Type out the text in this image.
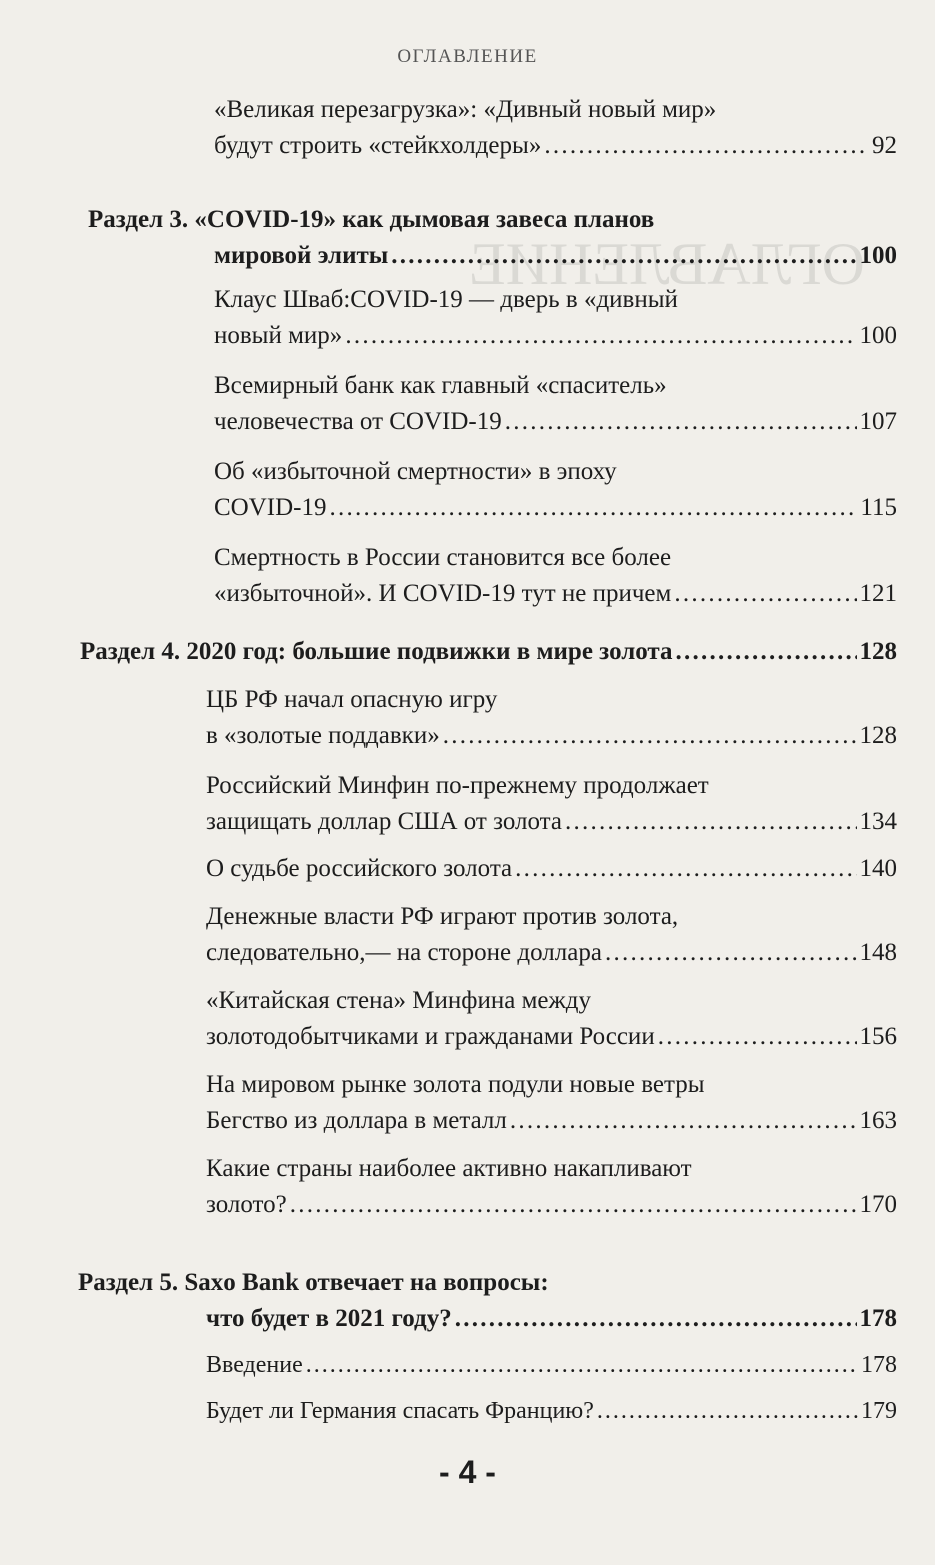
ОГЛАВЛЕНИЕ
ОГЛАВЛЕНИЕ
«Великая перезагрузка»: «Дивный новый мир»
будут строить «стейкхолдеры» . . .	92
Раздел 3. «COVID-19» как дымовая завеса планов
мировой элиты . . .	100
Клаус Шваб:COVID-19 — дверь в «дивный
новый мир» . . .	100
Всемирный банк как главный «спаситель»
человечества от COVID-19 . . .	107
Об «избыточной смертности» в эпоху
COVID-19 . . .	115
Смертность в России становится все более
«избыточной». И COVID-19 тут не причем . . .	121
Раздел 4. 2020 год: большие подвижки в мире золота . . .	128
ЦБ РФ начал опасную игру
в «золотые поддавки» . . .	128
Российский Минфин по-прежнему продолжает
защищать доллар США от золота . . .	134
О судьбе российского золота . . .	140
Денежные власти РФ играют против золота,
следовательно,— на стороне доллара . . .	148
«Китайская стена» Минфина между
золотодобытчиками и гражданами России . . .	156
На мировом рынке золота подули новые ветры
Бегство из доллара в металл . . .	163
Какие страны наиболее активно накапливают
золото? . . .	170
Раздел 5. Saxo Bank отвечает на вопросы:
что будет в 2021 году? . . .	178
Введение . . .	178
Будет ли Германия спасать Францию? . . .	179
- 4 -
